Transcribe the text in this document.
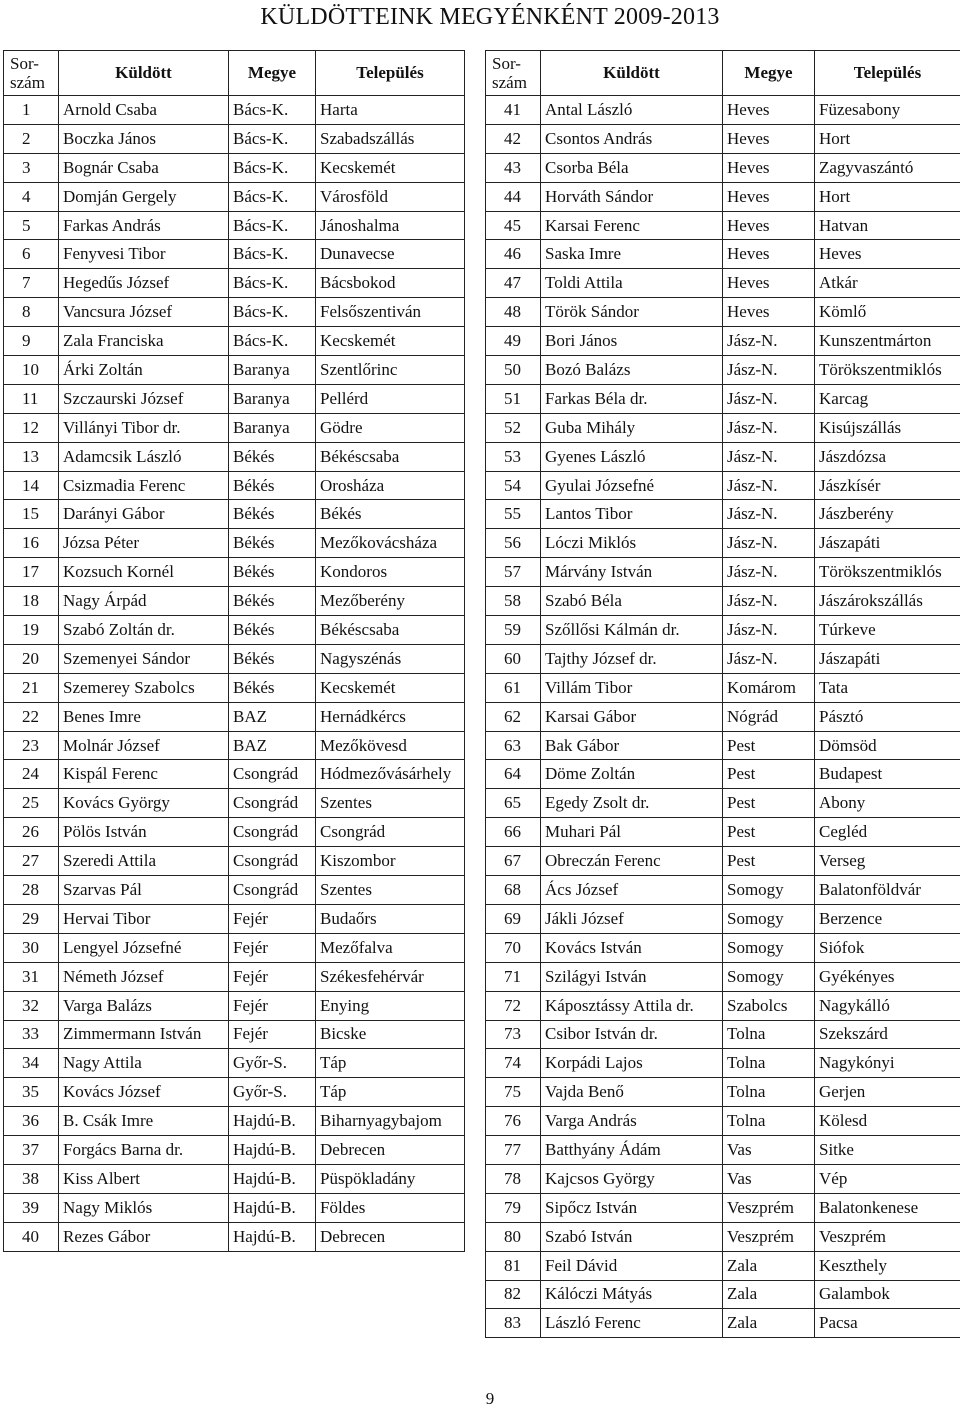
KÜLDÖTTEINK MEGYÉNKÉNT 2009-2013
Sor-
szám	Küldött	Megye	Település
1	Arnold Csaba	Bács-K.	Harta
2	Boczka János	Bács-K.	Szabadszállás
3	Bognár Csaba	Bács-K.	Kecskemét
4	Domján Gergely	Bács-K.	Városföld
5	Farkas András	Bács-K.	Jánoshalma
6	Fenyvesi Tibor	Bács-K.	Dunavecse
7	Hegedűs József	Bács-K.	Bácsbokod
8	Vancsura József	Bács-K.	Felsőszentiván
9	Zala Franciska	Bács-K.	Kecskemét
10	Árki Zoltán	Baranya	Szentlőrinc
11	Szczaurski József	Baranya	Pellérd
12	Villányi Tibor dr.	Baranya	Gödre
13	Adamcsik László	Békés	Békéscsaba
14	Csizmadia Ferenc	Békés	Orosháza
15	Darányi Gábor	Békés	Békés
16	Józsa Péter	Békés	Mezőkovácsháza
17	Kozsuch Kornél	Békés	Kondoros
18	Nagy Árpád	Békés	Mezőberény
19	Szabó Zoltán dr.	Békés	Békéscsaba
20	Szemenyei Sándor	Békés	Nagyszénás
21	Szemerey Szabolcs	Békés	Kecskemét
22	Benes Imre	BAZ	Hernádkércs
23	Molnár József	BAZ	Mezőkövesd
24	Kispál Ferenc	Csongrád	Hódmezővásárhely
25	Kovács György	Csongrád	Szentes
26	Pölös István	Csongrád	Csongrád
27	Szeredi Attila	Csongrád	Kiszombor
28	Szarvas Pál	Csongrád	Szentes
29	Hervai Tibor	Fejér	Budaőrs
30	Lengyel Józsefné	Fejér	Mezőfalva
31	Németh József	Fejér	Székesfehérvár
32	Varga Balázs	Fejér	Enying
33	Zimmermann István	Fejér	Bicske
34	Nagy Attila	Győr-S.	Táp
35	Kovács József	Győr-S.	Táp
36	B. Csák Imre	Hajdú-B.	Biharnyagybajom
37	Forgács Barna dr.	Hajdú-B.	Debrecen
38	Kiss Albert	Hajdú-B.	Püspökladány
39	Nagy Miklós	Hajdú-B.	Földes
40	Rezes Gábor	Hajdú-B.	Debrecen
Sor-
szám	Küldött	Megye	Település
41	Antal László	Heves	Füzesabony
42	Csontos András	Heves	Hort
43	Csorba Béla	Heves	Zagyvaszántó
44	Horváth Sándor	Heves	Hort
45	Karsai Ferenc	Heves	Hatvan
46	Saska Imre	Heves	Heves
47	Toldi Attila	Heves	Atkár
48	Török Sándor	Heves	Kömlő
49	Bori János	Jász-N.	Kunszentmárton
50	Bozó Balázs	Jász-N.	Törökszentmiklós
51	Farkas Béla dr.	Jász-N.	Karcag
52	Guba Mihály	Jász-N.	Kisújszállás
53	Gyenes László	Jász-N.	Jászdózsa
54	Gyulai Józsefné	Jász-N.	Jászkísér
55	Lantos Tibor	Jász-N.	Jászberény
56	Lóczi Miklós	Jász-N.	Jászapáti
57	Márvány István	Jász-N.	Törökszentmiklós
58	Szabó Béla	Jász-N.	Jászárokszállás
59	Szőllősi Kálmán dr.	Jász-N.	Túrkeve
60	Tajthy József dr.	Jász-N.	Jászapáti
61	Villám Tibor	Komárom	Tata
62	Karsai Gábor	Nógrád	Pásztó
63	Bak Gábor	Pest	Dömsöd
64	Döme Zoltán	Pest	Budapest
65	Egedy Zsolt dr.	Pest	Abony
66	Muhari Pál	Pest	Cegléd
67	Obreczán Ferenc	Pest	Verseg
68	Ács József	Somogy	Balatonföldvár
69	Jákli József	Somogy	Berzence
70	Kovács István	Somogy	Siófok
71	Szilágyi István	Somogy	Gyékényes
72	Káposztássy Attila dr.	Szabolcs	Nagykálló
73	Csibor István dr.	Tolna	Szekszárd
74	Korpádi Lajos	Tolna	Nagykónyi
75	Vajda Benő	Tolna	Gerjen
76	Varga András	Tolna	Kölesd
77	Batthyány Ádám	Vas	Sitke
78	Kajcsos György	Vas	Vép
79	Sipőcz István	Veszprém	Balatonkenese
80	Szabó István	Veszprém	Veszprém
81	Feil Dávid	Zala	Keszthely
82	Kálóczi Mátyás	Zala	Galambok
83	László Ferenc	Zala	Pacsa
9
